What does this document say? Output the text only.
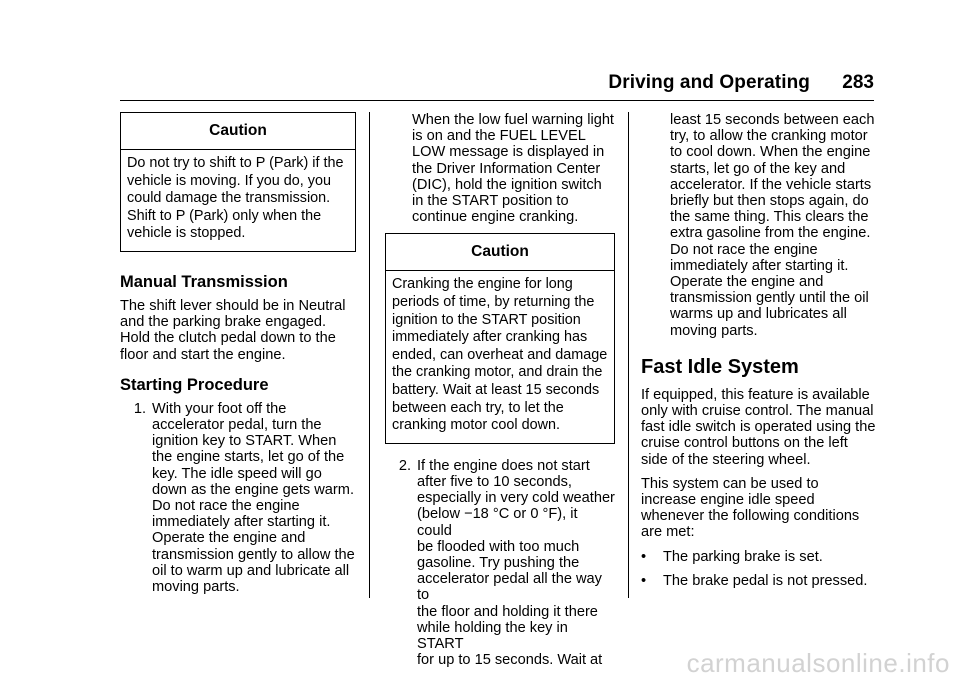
Driving and Operating 283
Caution
Do not try to shift to P (Park) if the
vehicle is moving. If you do, you
could damage the transmission.
Shift to P (Park) only when the
vehicle is stopped.
Manual Transmission

The shift lever should be in Neutral
and the parking brake engaged.
Hold the clutch pedal down to the
floor and start the engine.

Starting Procedure
1. With your foot off the
accelerator pedal, turn the
ignition key to START. When
the engine starts, let go of the
key. The idle speed will go
down as the engine gets warm.
Do not race the engine
immediately after starting it.
Operate the engine and
transmission gently to allow the
oil to warm up and lubricate all
moving parts.
When the low fuel warning light
is on and the FUEL LEVEL
LOW message is displayed in
the Driver Information Center
(DIC), hold the ignition switch
in the START position to
continue engine cranking.
Caution
Cranking the engine for long
periods of time, by returning the
ignition to the START position
immediately after cranking has
ended, can overheat and damage
the cranking motor, and drain the
battery. Wait at least 15 seconds
between each try, to let the
cranking motor cool down.
2. If the engine does not start
after five to 10 seconds,
especially in very cold weather
(below −18 °C or 0 °F), it could
be flooded with too much
gasoline. Try pushing the
accelerator pedal all the way to
the floor and holding it there
while holding the key in START
for up to 15 seconds. Wait at
least 15 seconds between each
try, to allow the cranking motor
to cool down. When the engine
starts, let go of the key and
accelerator. If the vehicle starts
briefly but then stops again, do
the same thing. This clears the
extra gasoline from the engine.
Do not race the engine
immediately after starting it.
Operate the engine and
transmission gently until the oil
warms up and lubricates all
moving parts.
Fast Idle System

If equipped, this feature is available
only with cruise control. The manual
fast idle switch is operated using the
cruise control buttons on the left
side of the steering wheel.

This system can be used to
increase engine idle speed
whenever the following conditions
are met:

•	The parking brake is set.
•	The brake pedal is not pressed.
carmanualsonline.info
